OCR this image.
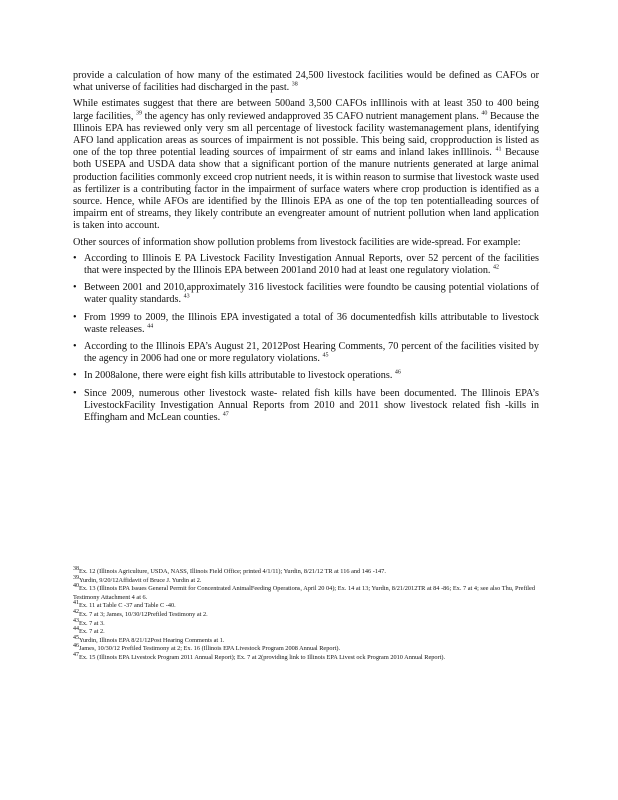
provide a calculation of how many of the estimated 24,500 livestock facilities would be defined as CAFOs or what universe of facilities had discharged in the past. $^{38}$

While estimates suggest that there are between 500and 3,500 CAFOs inIllinois with at least 350 to 400 being large facilities, $^{39}$ the agency has only reviewed andapproved 35 CAFO nutrient management plans. $^{40}$ Because the Illinois EPA has reviewed only very sm all percentage of livestock facility wastemanagement plans, identifying AFO land application areas as sources of impairment is not possible. This being said, cropproduction is listed as one of the top three potential leading sources of impairment of str eams and inland lakes inIllinois. $^{41}$ Because both USEPA and USDA data show that a significant portion of the manure nutrients generated at large animal production facilities commonly exceed crop nutrient needs, it is within reason to surmise that livestock waste used as fertilizer is a contributing factor in the impairment of surface waters where crop production is identified as a source. Hence, while AFOs are identified by the Illinois EPA as one of the top ten potentialleading sources of impairm ent of streams, they likely contribute an evengreater amount of nutrient pollution when land application is taken into account.

Other sources of information show pollution problems from livestock facilities are wide-spread. For example:

• According to Illinois E PA Livestock Facility Investigation Annual Reports, over 52 percent of the facilities that were inspected by the Illinois EPA between 2001and 2010 had at least one regulatory violation. $^{42}$
• Between 2001 and 2010,approximately 316 livestock facilities were foundto be causing potential violations of water quality standards. $^{43}$
• From 1999 to 2009, the Illinois EPA investigated a total of 36 documentedfish kills attributable to livestock waste releases. $^{44}$
• According to the Illinois EPA’s August 21, 2012Post Hearing Comments, 70 percent of the facilities visited by the agency in 2006 had one or more regulatory violations. $^{45}$
• In 2008alone, there were eight fish kills attributable to livestock operations. $^{46}$
• Since 2009, numerous other livestock waste- related fish kills have been documented. The Illinois EPA’s LivestockFacility Investigation Annual Reports from 2010 and 2011 show livestock related fish -kills in Effingham and McLean counties. $^{47}$

$^{38}$Ex. 12 (Illinois Agriculture, USDA, NASS, Illinois Field Office; printed 4/1/11); Yurdin, 8/21/12 TR at 116 and 146 -147.

$^{39}$Yurdin, 9/20/12Affidavit of Bruce J. Yurdin at 2.

$^{40}$Ex. 13 (Illinois EPA Issues General Permit for Concentrated AnimalFeeding Operations, April 20 04); Ex. 14 at 13; Yurdin, 8/21/2012TR at 84 -86; Ex. 7 at 4; see also Thu, Prefiled Testimony Attachment 4 at 6.

$^{41}$Ex. 11 at Table C -37 and Table C -40.

$^{42}$Ex. 7 at 3; James, 10/30/12Prefiled Testimony at 2.

$^{43}$Ex. 7 at 3.

$^{44}$Ex. 7 at 2.

$^{45}$Yurdin, Illinois EPA 8/21/12Post Hearing Comments at 1.

$^{46}$James, 10/30/12 Prefiled Testimony at 2; Ex. 16 (Illinois EPA Livestock Program 2008 Annual Report).

$^{47}$Ex. 15 (Illinois EPA Livestock Program 2011 Annual Report); Ex. 7 at 2(providing link to Illinois EPA Livest ock Program 2010 Annual Report).
